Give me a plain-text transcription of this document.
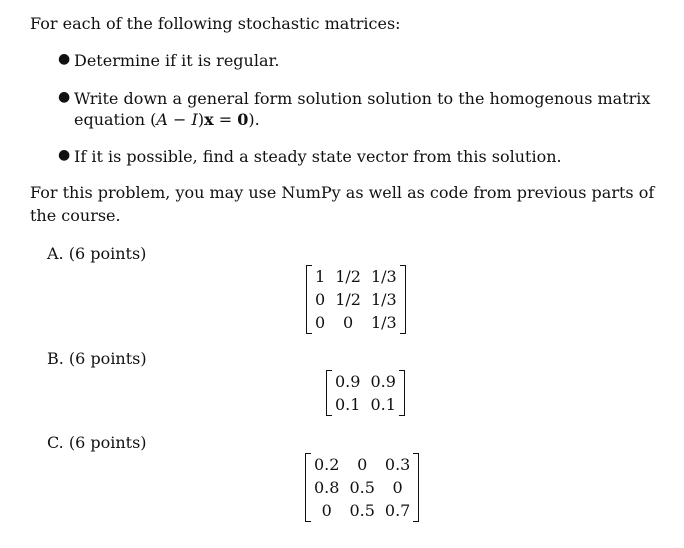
For each of the following stochastic matrices:
● Determine if it is regular.
● Write down a general form solution solution to the homogenous matrix
equation (A − I)x = 0).
● If it is possible, find a steady state vector from this solution.
For this problem, you may use NumPy as well as code from previous parts of the course.
A. (6 points)
1	1/2	1/3
0	1/2	1/3
0	0	1/3
B. (6 points)
0.9	0.9
0.1	0.1
C. (6 points)
0.2	0	0.3
0.8	0.5	0
0	0.5	0.7
